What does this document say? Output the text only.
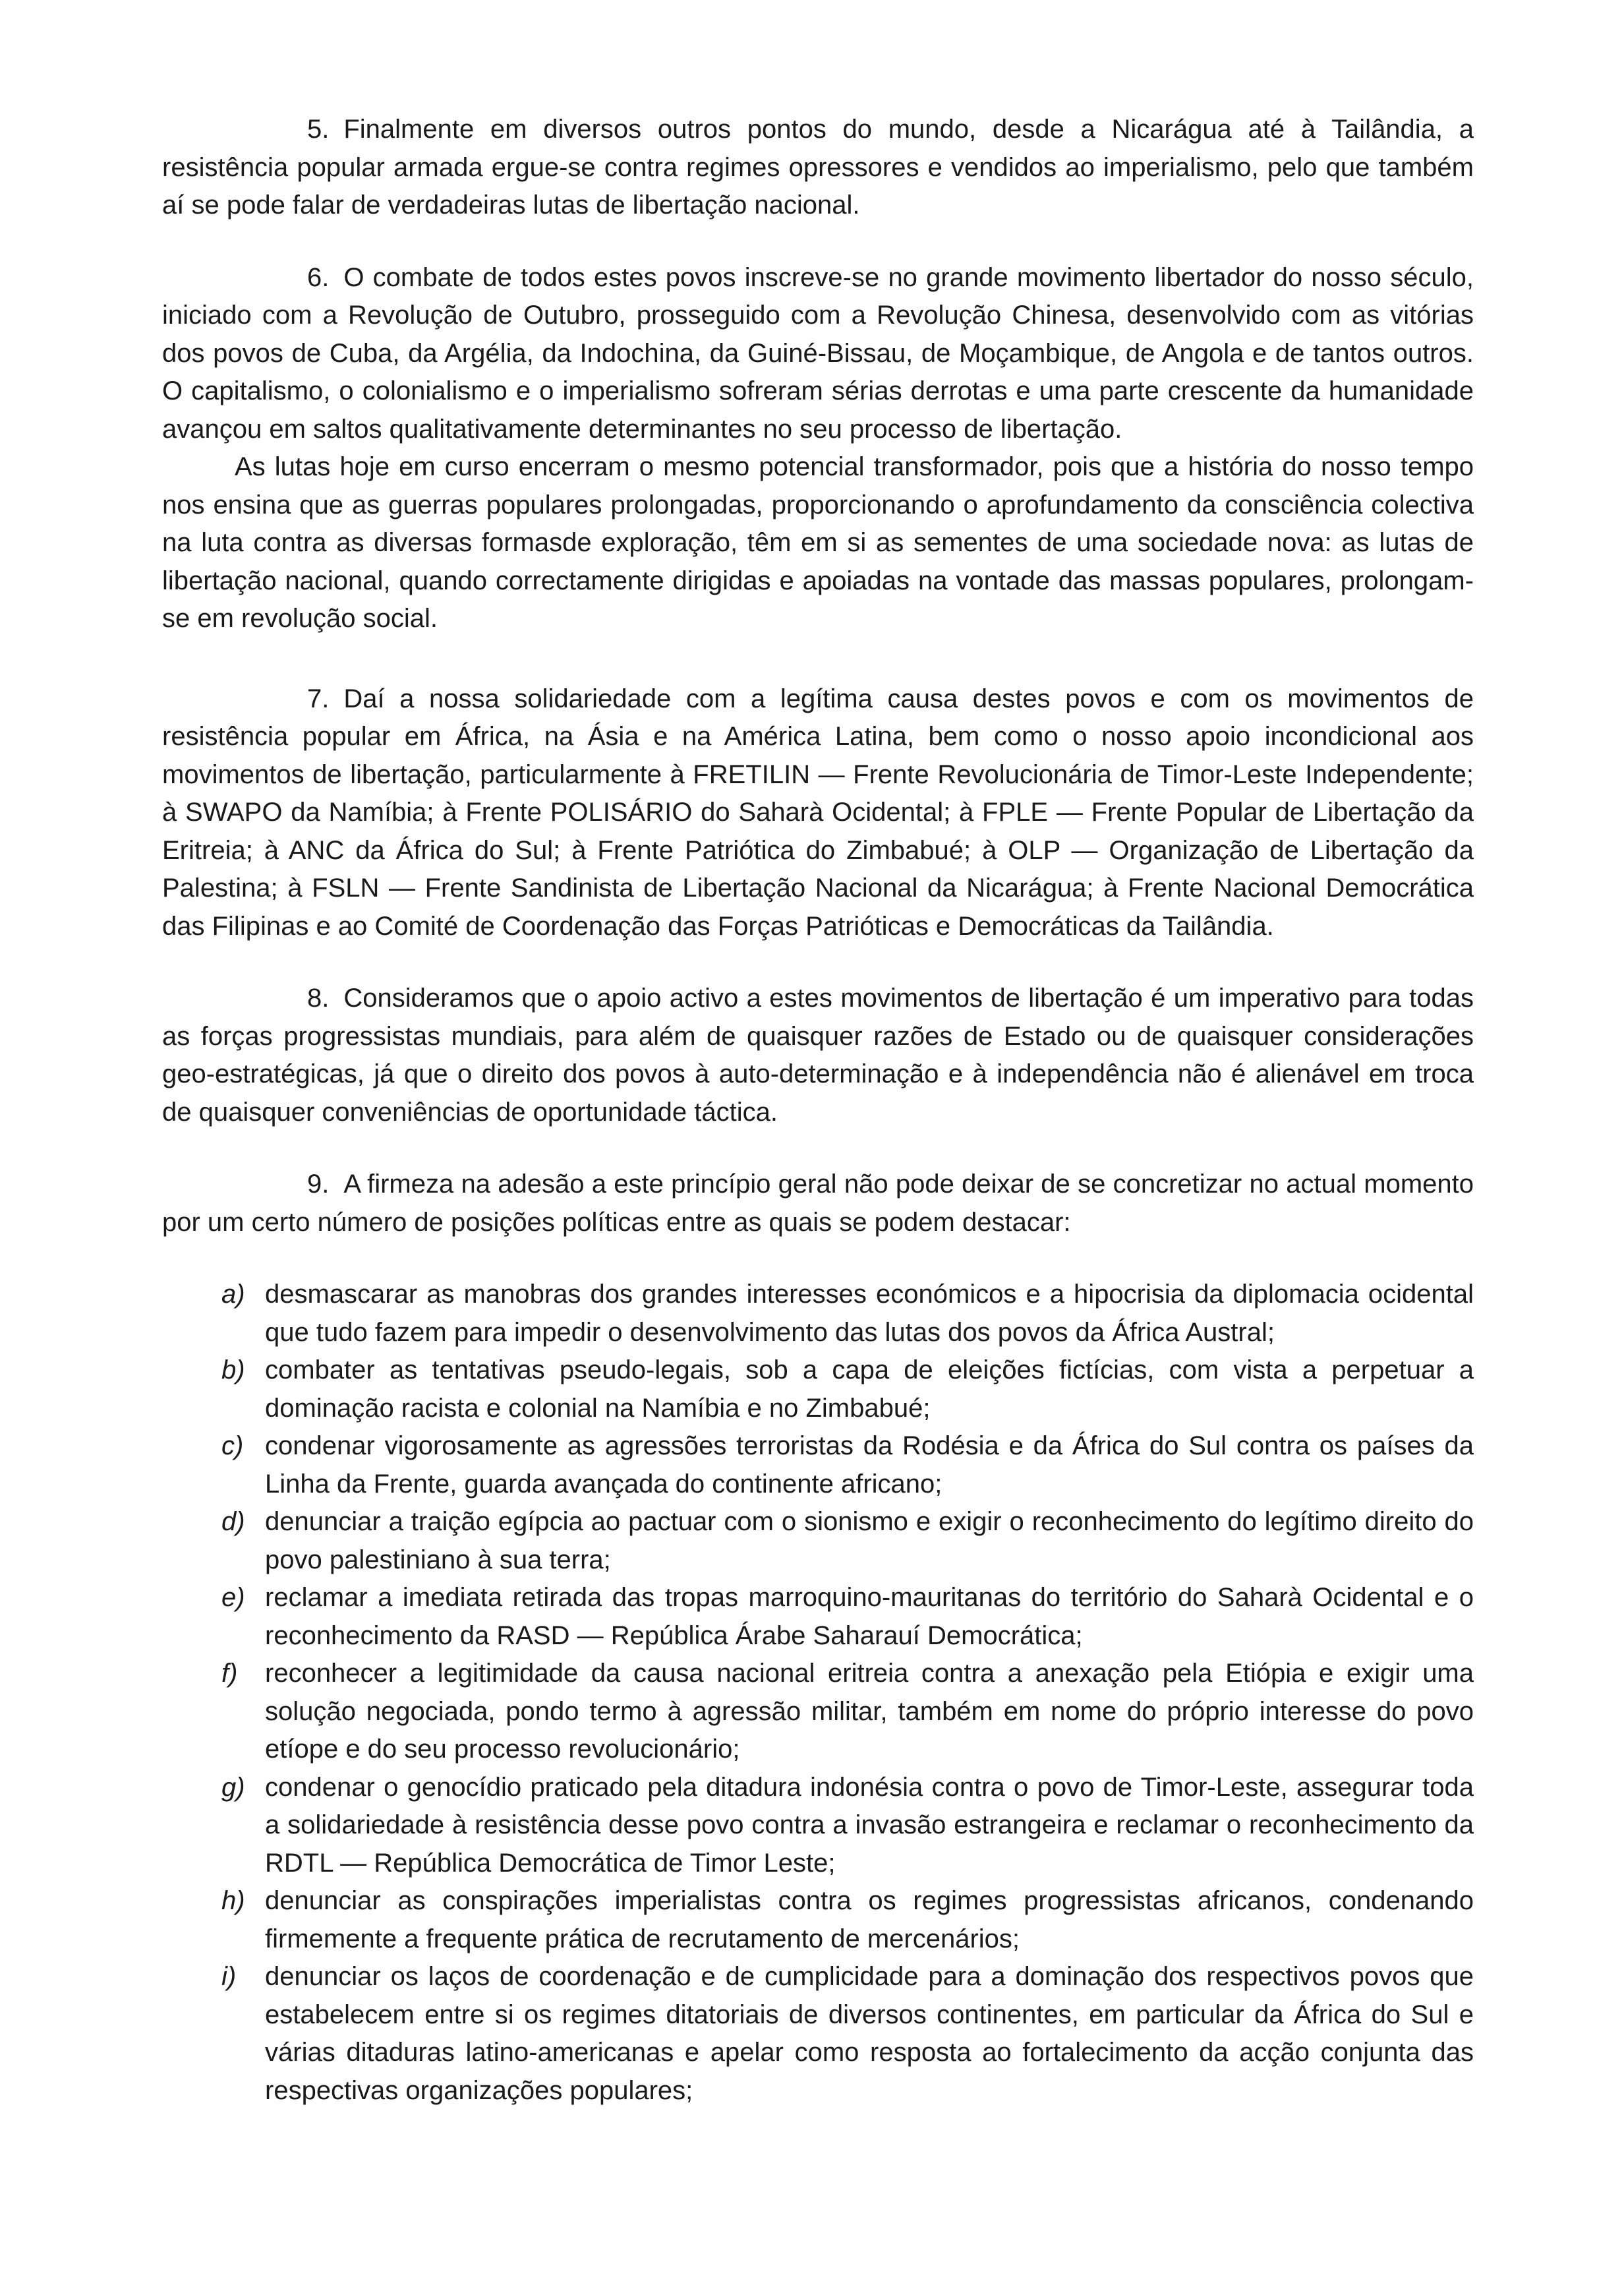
5. Finalmente em diversos outros pontos do mundo, desde a Nicarágua até à Tailândia, a resistência popular armada ergue-se contra regimes opressores e vendidos ao imperialismo, pelo que também aí se pode falar de verdadeiras lutas de libertação nacional.

6. O combate de todos estes povos inscreve-se no grande movimento libertador do nosso século, iniciado com a Revolução de Outubro, prosseguido com a Revolução Chinesa, desenvolvido com as vitórias dos povos de Cuba, da Argélia, da Indochina, da Guiné-Bissau, de Moçambique, de Angola e de tantos outros. O capitalismo, o colonialismo e o imperialismo sofreram sérias derrotas e uma parte crescente da humanidade avançou em saltos qualitativamente determinantes no seu processo de libertação.

As lutas hoje em curso encerram o mesmo potencial transformador, pois que a história do nosso tempo nos ensina que as guerras populares prolongadas, proporcionando o aprofundamento da consciência colectiva na luta contra as diversas formasde exploração, têm em si as sementes de uma sociedade nova: as lutas de libertação nacional, quando correctamente dirigidas e apoiadas na vontade das massas populares, prolongam-se em revolução social.

7. Daí a nossa solidariedade com a legítima causa destes povos e com os movimentos de resistência popular em África, na Ásia e na América Latina, bem como o nosso apoio incondicional aos movimentos de libertação, particularmente à FRETILIN — Frente Revolucionária de Timor-Leste Independente; à SWAPO da Namíbia; à Frente POLISÁRIO do Saharà Ocidental; à FPLE — Frente Popular de Libertação da Eritreia; à ANC da África do Sul; à Frente Patriótica do Zimbabué; à OLP — Organização de Libertação da Palestina; à FSLN — Frente Sandinista de Libertação Nacional da Nicarágua; à Frente Nacional Democrática das Filipinas e ao Comité de Coordenação das Forças Patrióticas e Democráticas da Tailândia.

8. Consideramos que o apoio activo a estes movimentos de libertação é um imperativo para todas as forças progressistas mundiais, para além de quaisquer razões de Estado ou de quaisquer considerações geo-estratégicas, já que o direito dos povos à auto-determinação e à independência não é alienável em troca de quaisquer conveniências de oportunidade táctica.

9. A firmeza na adesão a este princípio geral não pode deixar de se concretizar no actual momento por um certo número de posições políticas entre as quais se podem destacar:

a) desmascarar as manobras dos grandes interesses económicos e a hipocrisia da diplomacia ocidental que tudo fazem para impedir o desenvolvimento das lutas dos povos da África Austral;
b) combater as tentativas pseudo-legais, sob a capa de eleições fictícias, com vista a perpetuar a dominação racista e colonial na Namíbia e no Zimbabué;
c) condenar vigorosamente as agressões terroristas da Rodésia e da África do Sul contra os países da Linha da Frente, guarda avançada do continente africano;
d) denunciar a traição egípcia ao pactuar com o sionismo e exigir o reconhecimento do legítimo direito do povo palestiniano à sua terra;
e) reclamar a imediata retirada das tropas marroquino-mauritanas do território do Saharà Ocidental e o reconhecimento da RASD — República Árabe Saharauí Democrática;
f) reconhecer a legitimidade da causa nacional eritreia contra a anexação pela Etiópia e exigir uma solução negociada, pondo termo à agressão militar, também em nome do próprio interesse do povo etíope e do seu processo revolucionário;
g) condenar o genocídio praticado pela ditadura indonésia contra o povo de Timor-Leste, assegurar toda a solidariedade à resistência desse povo contra a invasão estrangeira e reclamar o reconhecimento da RDTL — República Democrática de Timor Leste;
h) denunciar as conspirações imperialistas contra os regimes progressistas africanos, condenando firmemente a frequente prática de recrutamento de mercenários;
i) denunciar os laços de coordenação e de cumplicidade para a dominação dos respectivos povos que estabelecem entre si os regimes ditatoriais de diversos continentes, em particular da África do Sul e várias ditaduras latino-americanas e apelar como resposta ao fortalecimento da acção conjunta das respectivas organizações populares;
